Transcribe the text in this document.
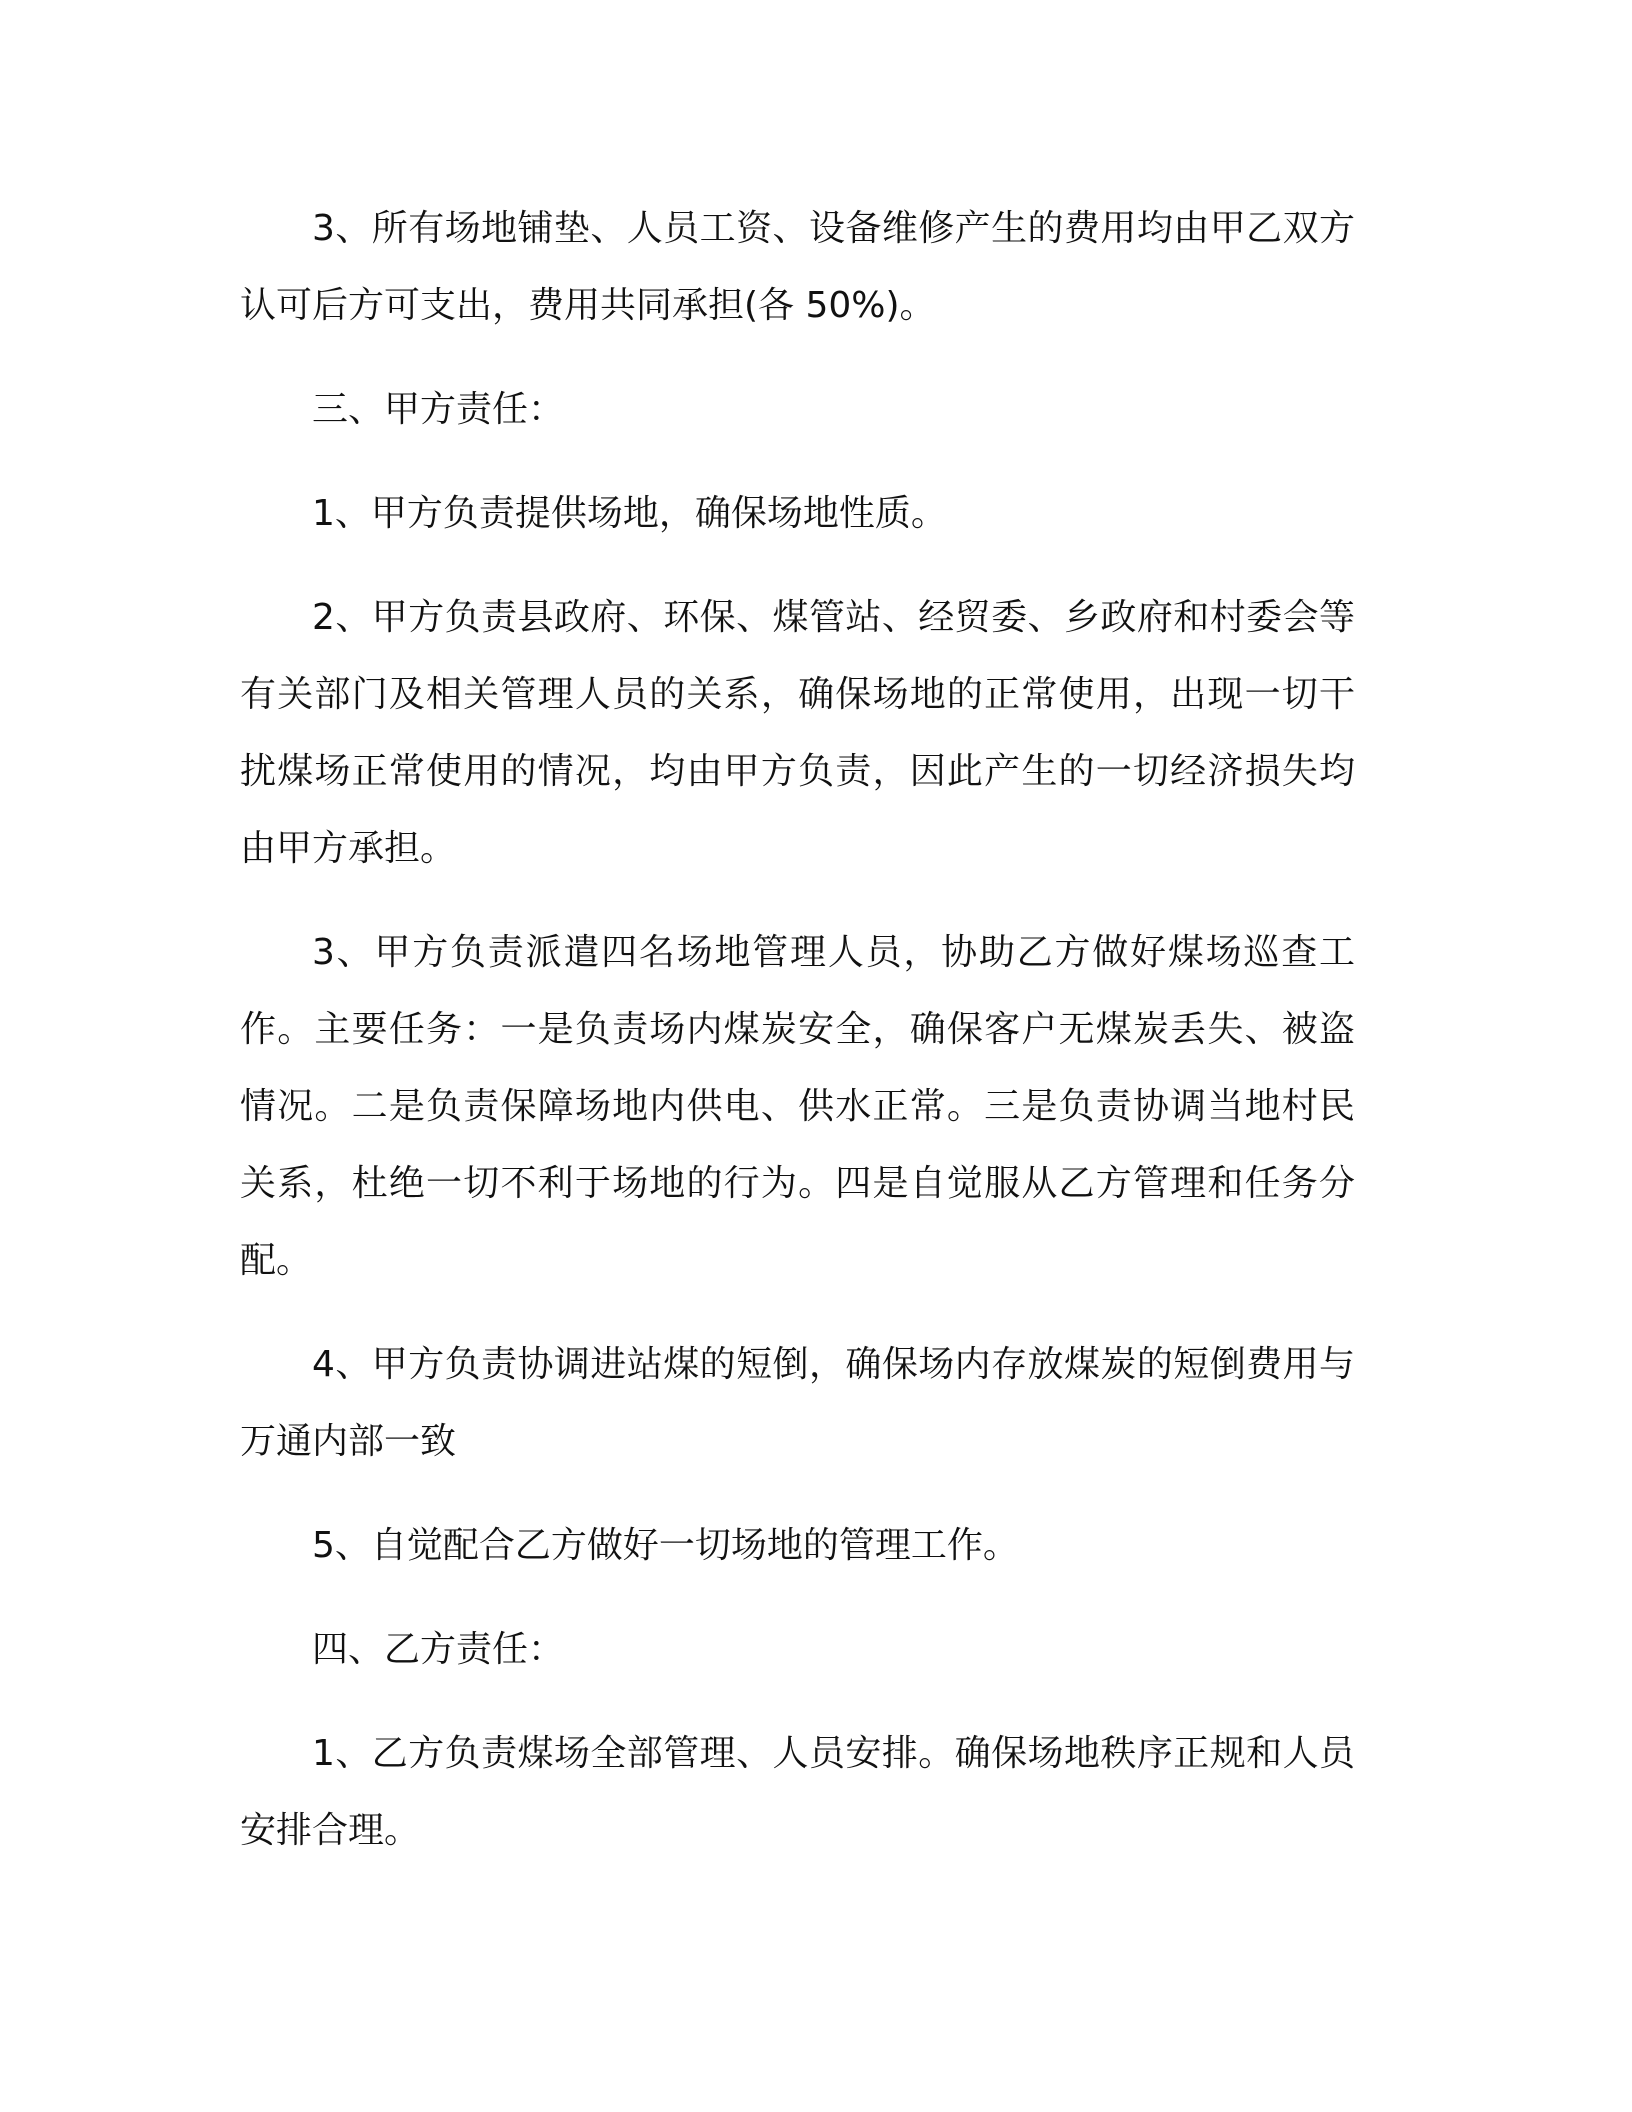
3、所有场地铺垫、人员工资、设备维修产生的费用均由甲乙双方认可后方可支出，费用共同承担(各 50%)。

三、甲方责任：

1、甲方负责提供场地，确保场地性质。

2、甲方负责县政府、环保、煤管站、经贸委、乡政府和村委会等有关部门及相关管理人员的关系，确保场地的正常使用，出现一切干扰煤场正常使用的情况，均由甲方负责，因此产生的一切经济损失均由甲方承担。

3、甲方负责派遣四名场地管理人员，协助乙方做好煤场巡查工作。主要任务：一是负责场内煤炭安全，确保客户无煤炭丢失、被盗情况。二是负责保障场地内供电、供水正常。三是负责协调当地村民关系，杜绝一切不利于场地的行为。四是自觉服从乙方管理和任务分配。

4、甲方负责协调进站煤的短倒，确保场内存放煤炭的短倒费用与万通内部一致

5、自觉配合乙方做好一切场地的管理工作。

四、乙方责任：

1、乙方负责煤场全部管理、人员安排。确保场地秩序正规和人员安排合理。
